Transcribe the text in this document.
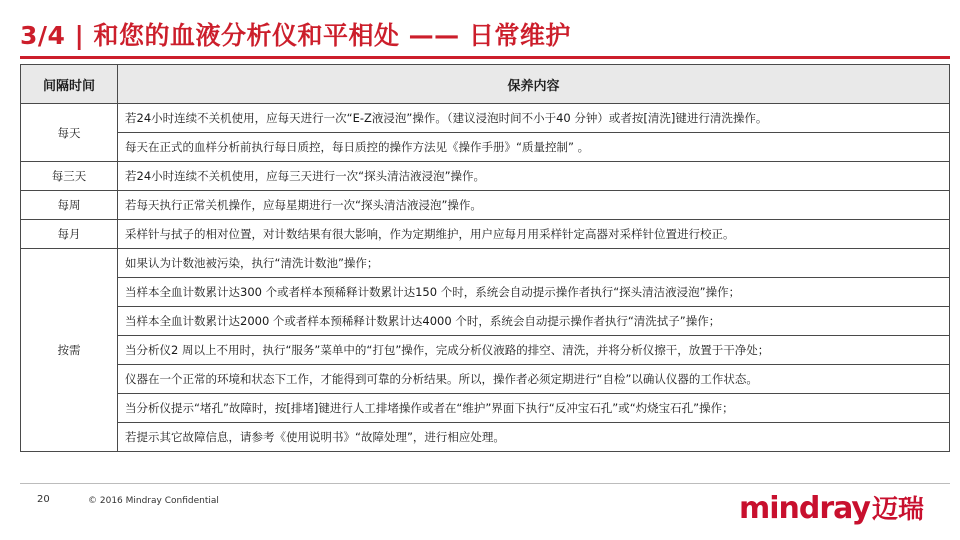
3/4 | 和您的血液分析仪和平相处 —— 日常维护
间隔时间	保养内容
每天	若24小时连续不关机使用，应每天进行一次“E-Z液浸泡”操作。（建议浸泡时间不小于40 分钟）或者按[清洗]键进行清洗操作。
	每天在正式的血样分析前执行每日质控，每日质控的操作方法见《操作手册》“质量控制” 。
每三天	若24小时连续不关机使用，应每三天进行一次“探头清洁液浸泡”操作。
每周	若每天执行正常关机操作，应每星期进行一次“探头清洁液浸泡”操作。
每月	采样针与拭子的相对位置，对计数结果有很大影响，作为定期维护，用户应每月用采样针定高器对采样针位置进行校正。
按需	如果认为计数池被污染，执行“清洗计数池”操作；
	当样本全血计数累计达300 个或者样本预稀释计数累计达150 个时，系统会自动提示操作者执行“探头清洁液浸泡”操作；
	当样本全血计数累计达2000 个或者样本预稀释计数累计达4000 个时，系统会自动提示操作者执行“清洗拭子”操作；
	当分析仪2 周以上不用时，执行“服务”菜单中的“打包”操作，完成分析仪液路的排空、清洗，并将分析仪擦干，放置于干净处；
	仪器在一个正常的环境和状态下工作，才能得到可靠的分析结果。所以，操作者必须定期进行“自检”以确认仪器的工作状态。
	当分析仪提示“堵孔”故障时，按[排堵]键进行人工排堵操作或者在“维护”界面下执行“反冲宝石孔”或“灼烧宝石孔”操作；
	若提示其它故障信息，请参考《使用说明书》“故障处理”，进行相应处理。
20	© 2016 Mindray Confidential	mindray迈瑞
